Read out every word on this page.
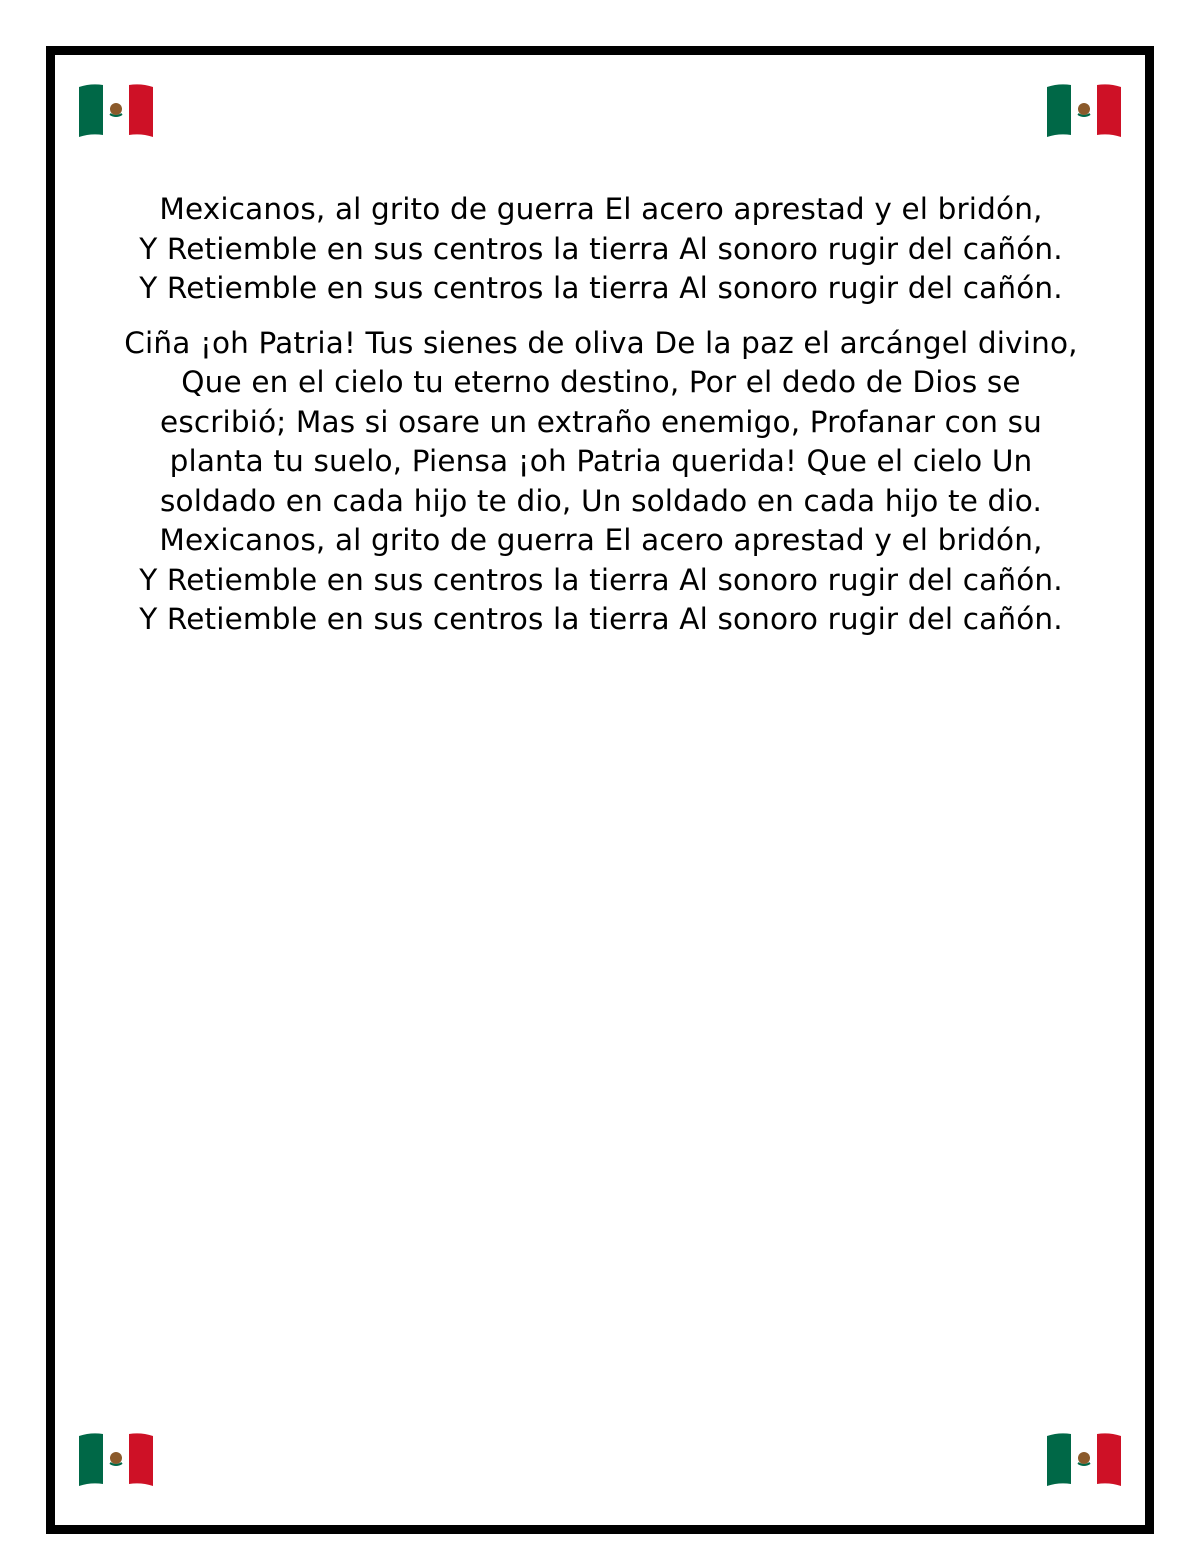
Mexicanos, al grito de guerra El acero aprestad y el bridón,

Y Retiemble en sus centros la tierra Al sonoro rugir del cañón.

Y Retiemble en sus centros la tierra Al sonoro rugir del cañón.

Ciña ¡oh Patria! Tus sienes de oliva De la paz el arcángel divino, Que en el cielo tu eterno destino, Por el dedo de Dios se escribió; Mas si osare un extraño enemigo, Profanar con su planta tu suelo, Piensa ¡oh Patria querida! Que el cielo Un soldado en cada hijo te dio, Un soldado en cada hijo te dio.

Mexicanos, al grito de guerra El acero aprestad y el bridón,

Y Retiemble en sus centros la tierra Al sonoro rugir del cañón.

Y Retiemble en sus centros la tierra Al sonoro rugir del cañón.
